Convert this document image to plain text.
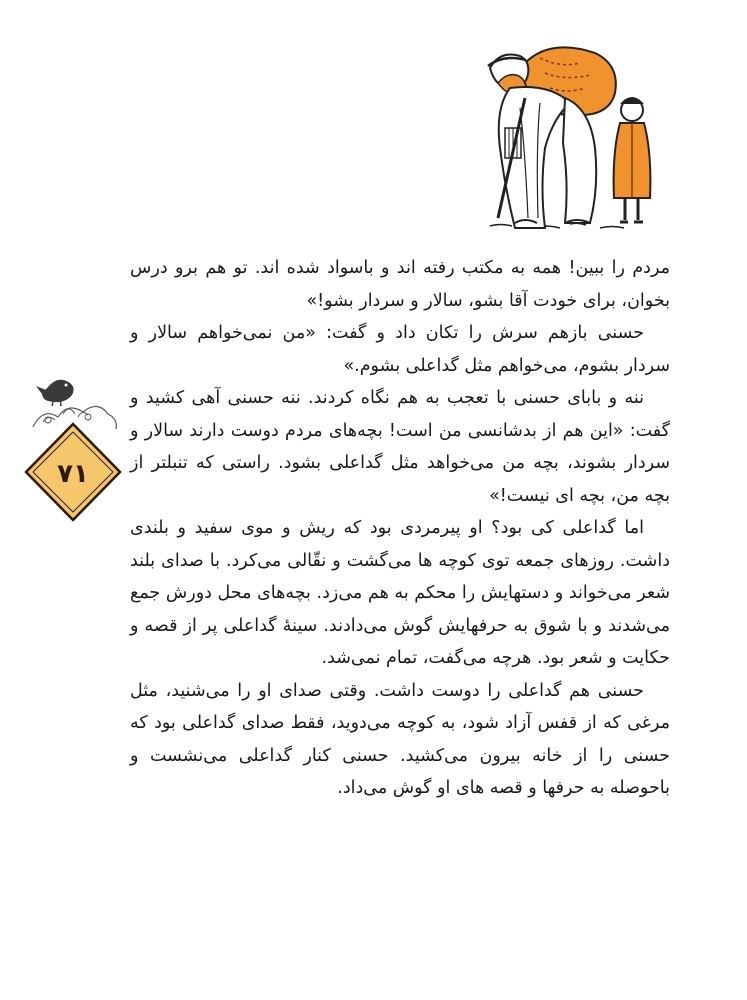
۷۱

مردم را ببین! همه به مکتب رفته اند و باسواد شده اند. تو هم برو درس بخوان، برای خودت آقا بشو، سالار و سردار بشو!»

حسنی بازهم سرش را تکان داد و گفت: «من نمی‌خواهم سالار و سردار بشوم، می‌خواهم مثل گداعلی بشوم.»

ننه و بابای حسنی با تعجب به هم نگاه کردند. ننه حسنی آهی کشید و گفت: «این هم از بدشانسی من است! بچه‌های مردم دوست دارند سالار و سردار بشوند، بچه من می‌خواهد مثل گداعلی بشود. راستی که تنبلتر از بچه من، بچه ای نیست!»

اما گداعلی کی بود؟ او پیرمردی بود که ریش و موی سفید و بلندی داشت. روزهای جمعه توی کوچه ها می‌گشت و نقّالی می‌کرد. با صدای بلند شعر می‌خواند و دستهایش را محکم به هم می‌زد. بچه‌های محل دورش جمع می‌شدند و با شوق به حرفهایش گوش می‌دادند. سینهٔ گداعلی پر از قصه و حکایت و شعر بود. هرچه می‌گفت، تمام نمی‌شد.

حسنی هم گداعلی را دوست داشت. وقتی صدای او را می‌شنید، مثل مرغی که از قفس آزاد شود، به کوچه می‌دوید، فقط صدای گداعلی بود که حسنی را از خانه بیرون می‌کشید. حسنی کنار گداعلی می‌نشست و باحوصله به حرفها و قصه های او گوش می‌داد.
